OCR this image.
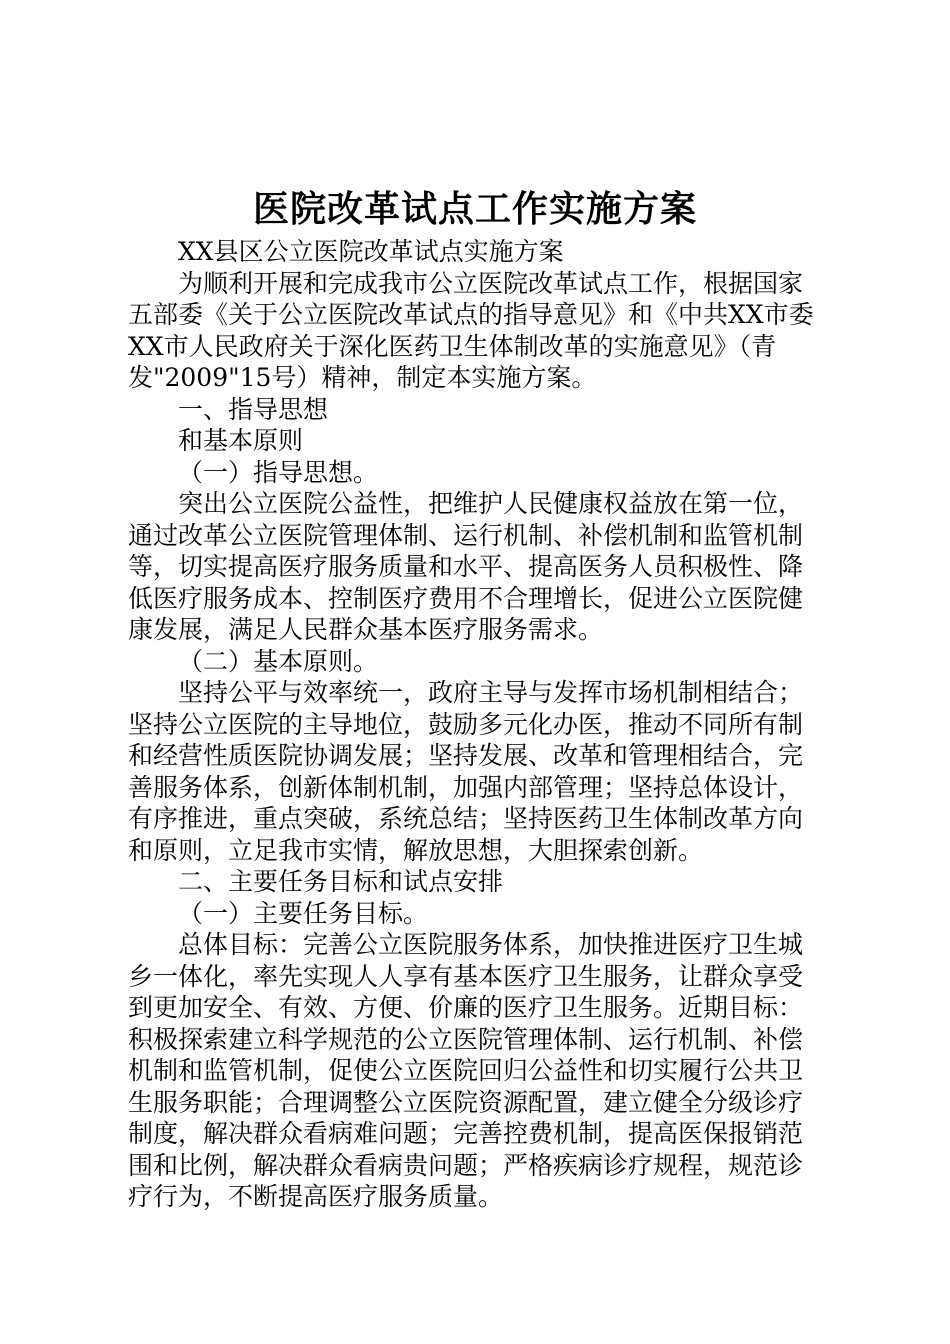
医院改革试点工作实施方案
XX县区公立医院改革试点实施方案
为顺利开展和完成我市公立医院改革试点工作，根据国家
五部委《关于公立医院改革试点的指导意见》和《中共XX市委
XX市人民政府关于深化医药卫生体制改革的实施意见》（青
发"2009"15号）精神，制定本实施方案。
一、指导思想
和基本原则
（一）指导思想。
突出公立医院公益性，把维护人民健康权益放在第一位，
通过改革公立医院管理体制、运行机制、补偿机制和监管机制
等，切实提高医疗服务质量和水平、提高医务人员积极性、降
低医疗服务成本、控制医疗费用不合理增长，促进公立医院健
康发展，满足人民群众基本医疗服务需求。
（二）基本原则。
坚持公平与效率统一，政府主导与发挥市场机制相结合；
坚持公立医院的主导地位，鼓励多元化办医，推动不同所有制
和经营性质医院协调发展；坚持发展、改革和管理相结合，完
善服务体系，创新体制机制，加强内部管理；坚持总体设计，
有序推进，重点突破，系统总结；坚持医药卫生体制改革方向
和原则，立足我市实情，解放思想，大胆探索创新。
二、主要任务目标和试点安排
（一）主要任务目标。
总体目标：完善公立医院服务体系，加快推进医疗卫生城
乡一体化，率先实现人人享有基本医疗卫生服务，让群众享受
到更加安全、有效、方便、价廉的医疗卫生服务。近期目标：
积极探索建立科学规范的公立医院管理体制、运行机制、补偿
机制和监管机制，促使公立医院回归公益性和切实履行公共卫
生服务职能；合理调整公立医院资源配置，建立健全分级诊疗
制度，解决群众看病难问题；完善控费机制，提高医保报销范
围和比例，解决群众看病贵问题；严格疾病诊疗规程，规范诊
疗行为，不断提高医疗服务质量。
